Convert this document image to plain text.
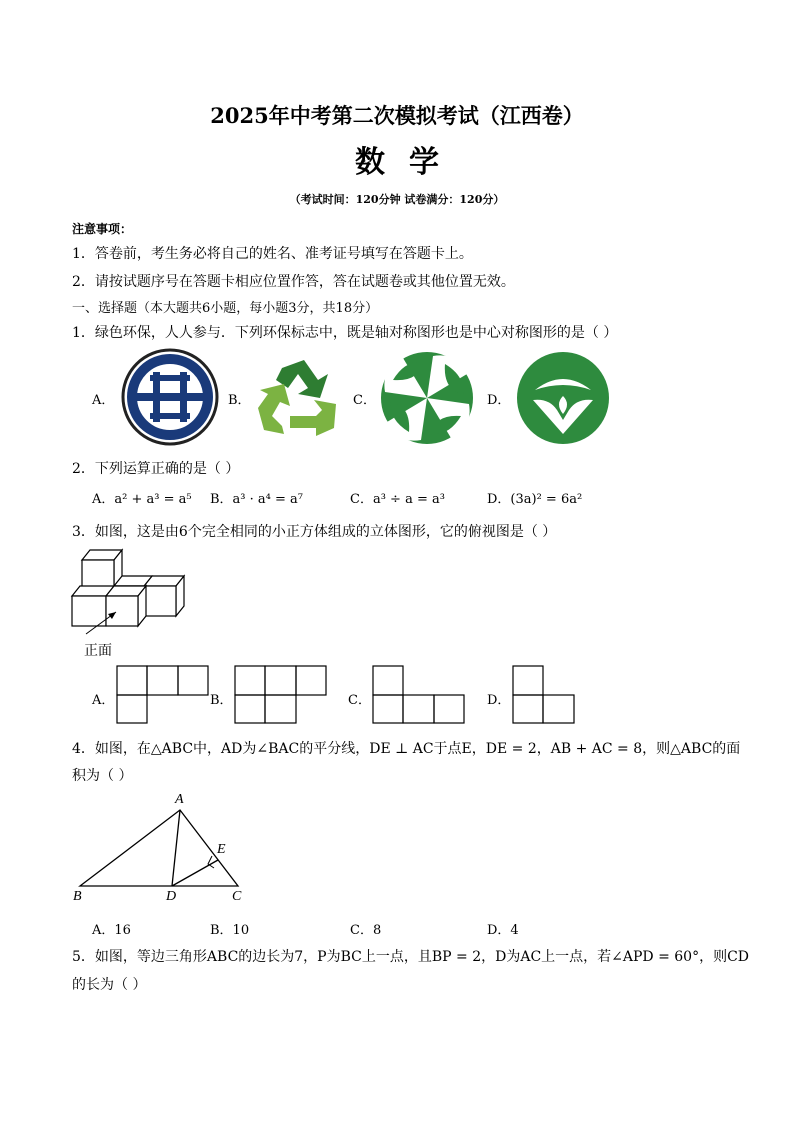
2025年中考第二次模拟考试（江西卷）
数学
（考试时间：120分钟 试卷满分：120分）
注意事项：
1．答卷前，考生务必将自己的姓名、准考证号填写在答题卡上。
2．请按试题序号在答题卡相应位置作答，答在试题卷或其他位置无效。
一、选择题（本大题共6小题，每小题3分，共18分）
1．绿色环保，人人参与．下列环保标志中，既是轴对称图形也是中心对称图形的是（ ）
A．	B．	C．	D．
2．下列运算正确的是（ ）
A．a² + a³ = a⁵ B．a³ · a⁴ = a⁷	C．a³ ÷ a = a³	D．(3a)² = 6a²
3．如图，这是由6个完全相同的小正方体组成的立体图形，它的俯视图是（ ）
正面
A．	B．	C．	D．
4．如图，在△ABC中，AD为∠BAC的平分线，DE ⊥ AC于点E，DE = 2，AB + AC = 8，则△ABC的面
积为（ ）
A
B	C
D
E
A．16	B．10	C．8	D．4
5．如图，等边三角形ABC的边长为7，P为BC上一点，且BP = 2，D为AC上一点，若∠APD = 60°，则CD
的长为（ ）
